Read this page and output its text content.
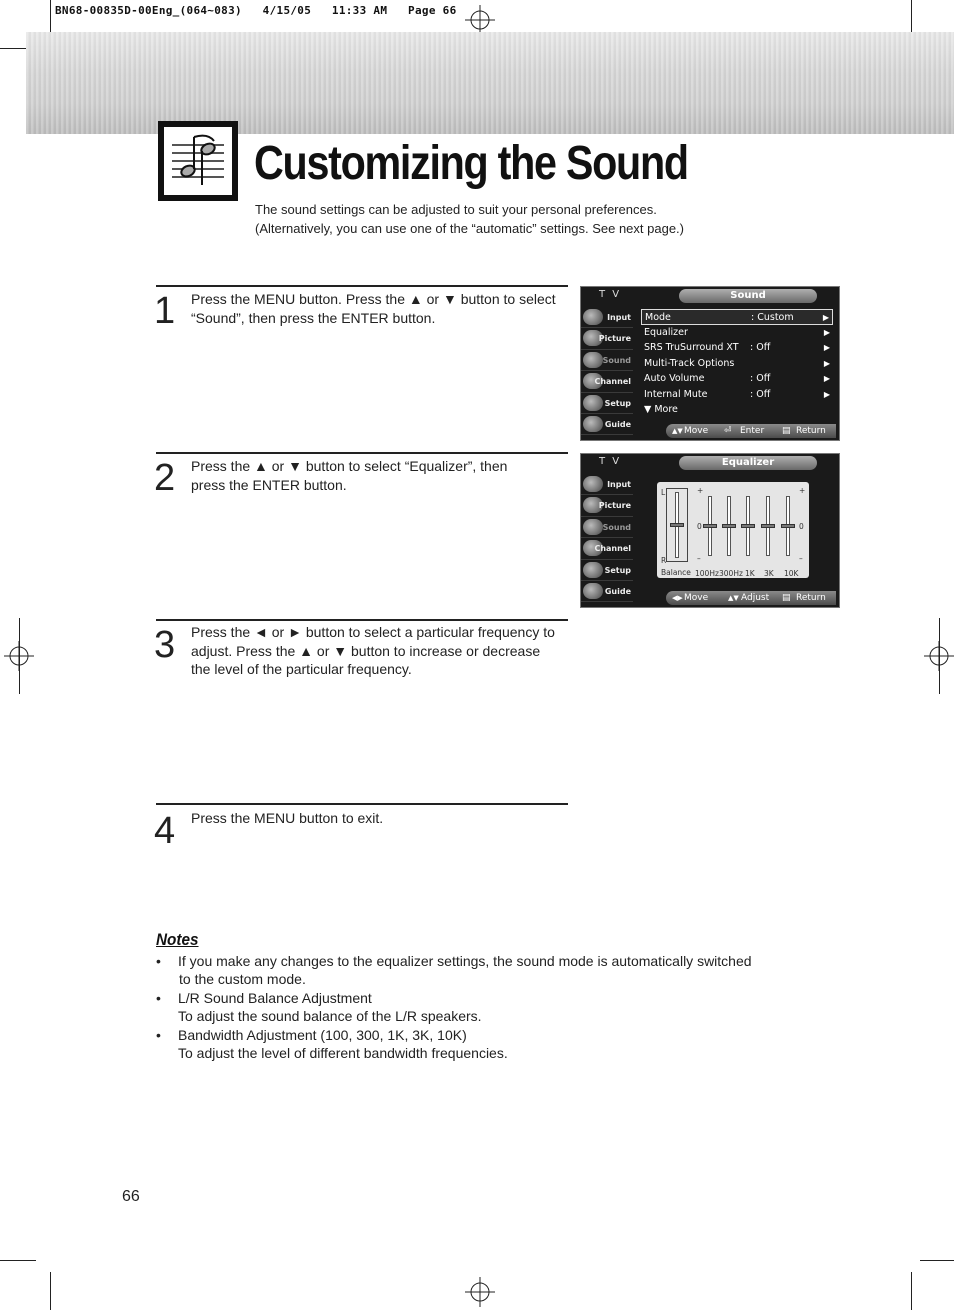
BN68-00835D-00Eng_(064~083)   4/15/05   11:33 AM   Page 66
Customizing the Sound
The sound settings can be adjusted to suit your personal preferences.
(Alternatively, you can use one of the “automatic” settings. See next page.)
1 Press the MENU button. Press the ▲ or ▼ button to select “Sound”, then press the ENTER button.
2 Press the ▲ or ▼ button to select “Equalizer”, then press the ENTER button.
3 Press the ◄ or ► button to select a particular frequency to adjust. Press the ▲ or ▼ button to increase or decrease the level of the particular frequency.
4 Press the MENU button to exit.
T V	Sound
Input
Picture
Sound
Channel
Setup
Guide
Mode	: Custom	▶
Equalizer	▶
SRS TruSurround XT : Off	▶
Multi-Track Options	▶
Auto Volume	: Off	▶
Internal Mute	: Off	▶
▼ More
▲▼ Move ⏎ Enter ▤ Return
T V	Equalizer
Input
Picture
Sound
Channel
Setup
Guide
L
R
+
0
–
+
0
–
Balance 100Hz 300Hz 1K 3K 10K
◀▶ Move	▲▼ Adjust ▤ Return
Notes
• If you make any changes to the equalizer settings, the sound mode is automatically switched
to the custom mode.
• L/R Sound Balance Adjustment
To adjust the sound balance of the L/R speakers.
• Bandwidth Adjustment (100, 300, 1K, 3K, 10K)
To adjust the level of different bandwidth frequencies.
66
